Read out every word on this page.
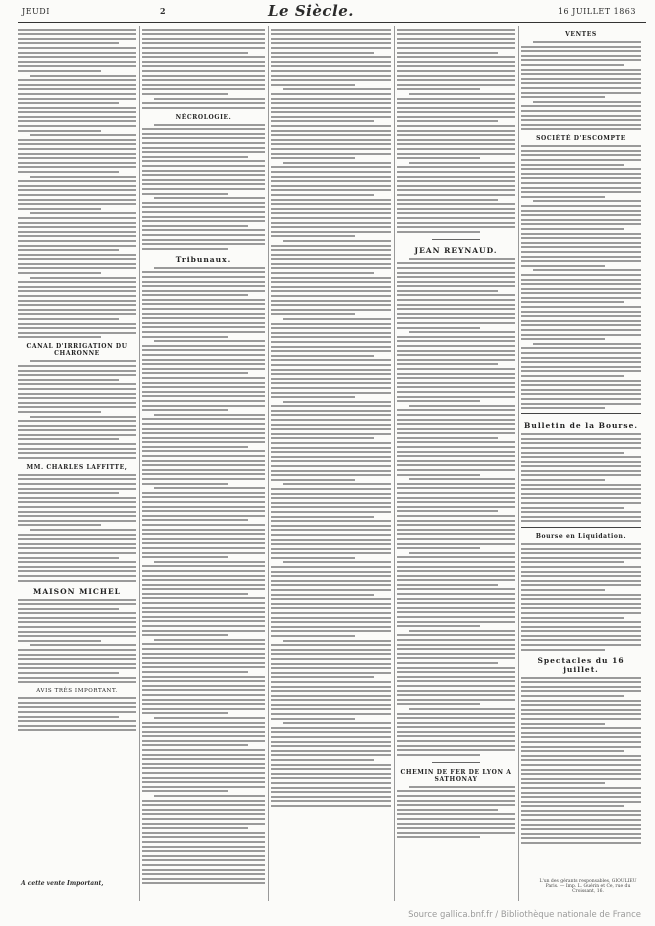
JEUDI	2	Le Siècle.	16 JUILLET 1863
CANAL D'IRRIGATION DU CHARONNE
MM. CHARLES LAFFITTE,
MAISON MICHEL
AVIS TRÈS IMPORTANT.
NÉCROLOGIE.
Tribunaux.
JEAN REYNAUD.
CHEMIN DE FER DE LYON A SATHONAY
VENTES
SOCIÉTÉ D'ESCOMPTE
Bulletin de la Bourse.
Bourse en Liquidation.
Spectacles du 16 juillet.
A cette vente Important,	L'un des gérants responsables, GIOULIEU
Paris. — Imp. L. Guérin et Ce, rue du Croissant, 16.
Source gallica.bnf.fr / Bibliothèque nationale de France
